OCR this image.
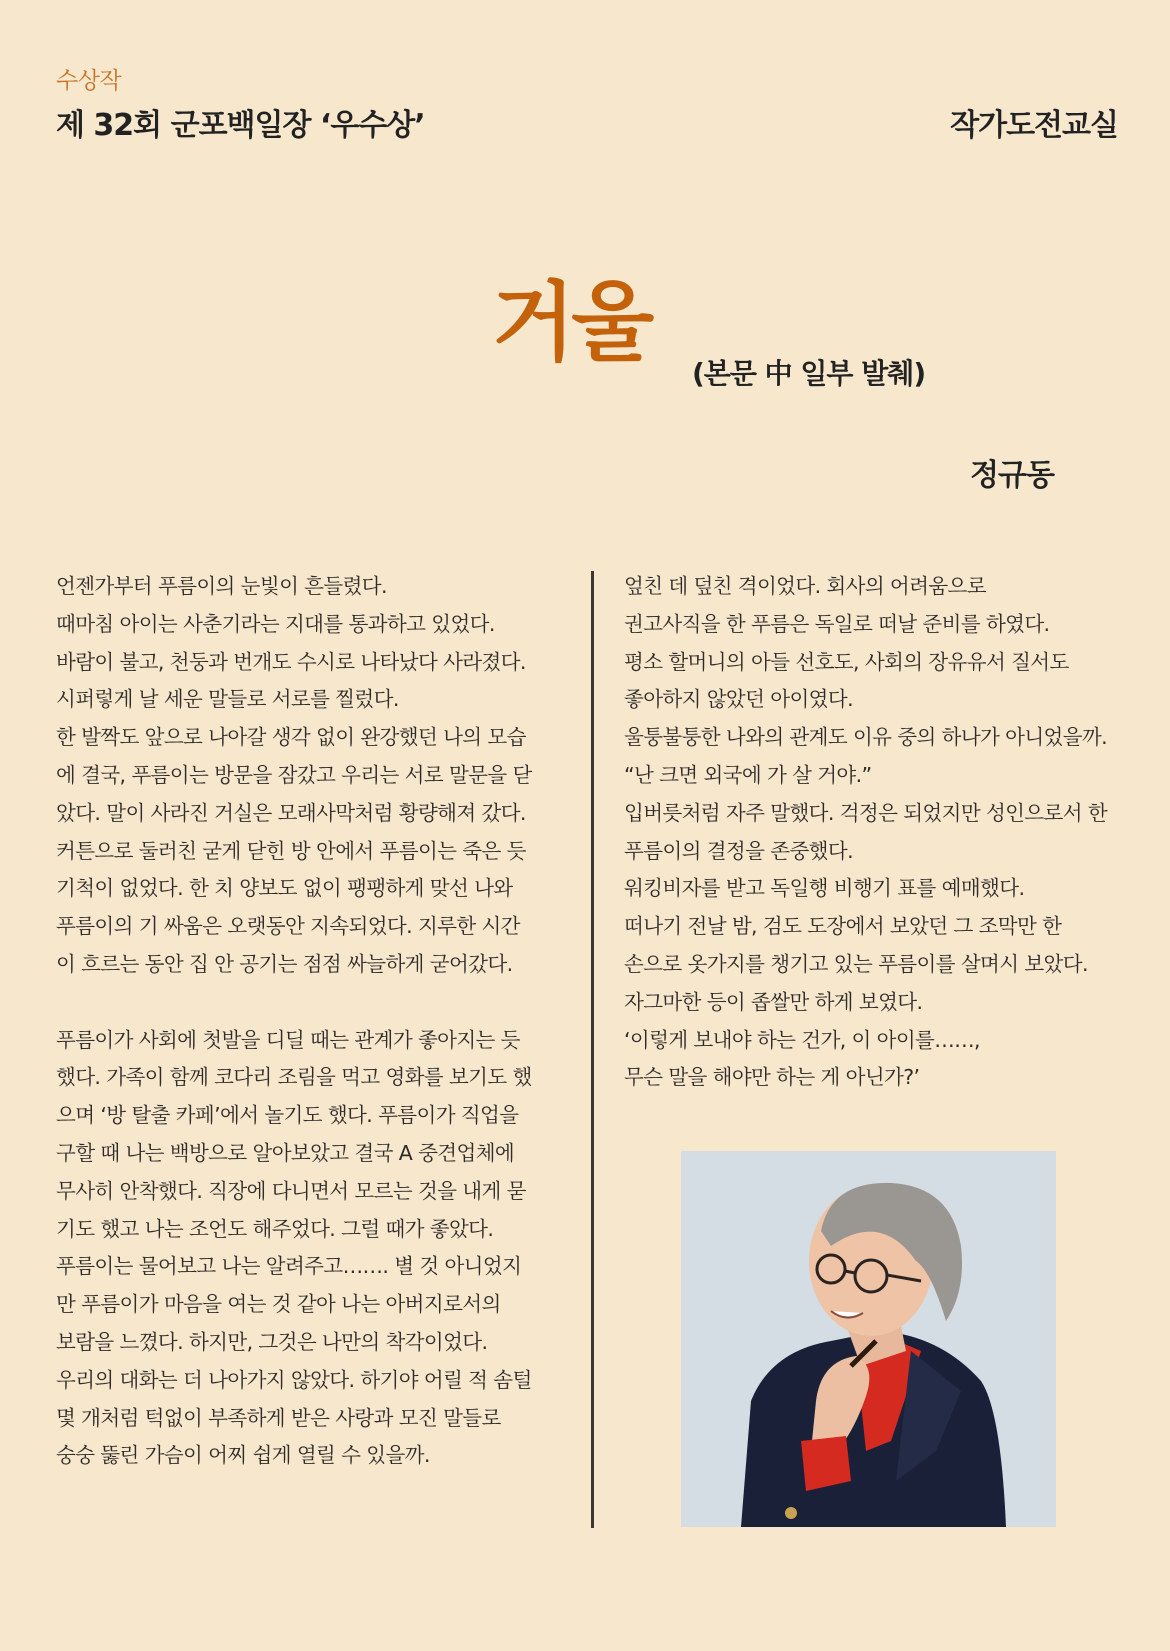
수상작
제 32회 군포백일장 ‘우수상’	작가도전교실
거울
(본문 中 일부 발췌)
정규동
언젠가부터 푸름이의 눈빛이 흔들렸다.
때마침 아이는 사춘기라는 지대를 통과하고 있었다.
바람이 불고, 천둥과 번개도 수시로 나타났다 사라졌다.
시퍼렇게 날 세운 말들로 서로를 찔렀다.
한 발짝도 앞으로 나아갈 생각 없이 완강했던 나의 모습
에 결국, 푸름이는 방문을 잠갔고 우리는 서로 말문을 닫
았다. 말이 사라진 거실은 모래사막처럼 황량해져 갔다.
커튼으로 둘러친 굳게 닫힌 방 안에서 푸름이는 죽은 듯
기척이 없었다. 한 치 양보도 없이 팽팽하게 맞선 나와
푸름이의 기 싸움은 오랫동안 지속되었다. 지루한 시간
이 흐르는 동안 집 안 공기는 점점 싸늘하게 굳어갔다.
푸름이가 사회에 첫발을 디딜 때는 관계가 좋아지는 듯
했다. 가족이 함께 코다리 조림을 먹고 영화를 보기도 했
으며 ‘방 탈출 카페’에서 놀기도 했다. 푸름이가 직업을
구할 때 나는 백방으로 알아보았고 결국 A 중견업체에
무사히 안착했다. 직장에 다니면서 모르는 것을 내게 묻
기도 했고 나는 조언도 해주었다. 그럴 때가 좋았다.
푸름이는 물어보고 나는 알려주고……. 별 것 아니었지
만 푸름이가 마음을 여는 것 같아 나는 아버지로서의
보람을 느꼈다. 하지만, 그것은 나만의 착각이었다.
우리의 대화는 더 나아가지 않았다. 하기야 어릴 적 솜털
몇 개처럼 턱없이 부족하게 받은 사랑과 모진 말들로
숭숭 뚫린 가슴이 어찌 쉽게 열릴 수 있을까.
엎친 데 덮친 격이었다. 회사의 어려움으로
권고사직을 한 푸름은 독일로 떠날 준비를 하였다.
평소 할머니의 아들 선호도, 사회의 장유유서 질서도
좋아하지 않았던 아이였다.
울퉁불퉁한 나와의 관계도 이유 중의 하나가 아니었을까.
“난 크면 외국에 가 살 거야.”
입버릇처럼 자주 말했다. 걱정은 되었지만 성인으로서 한
푸름이의 결정을 존중했다.
워킹비자를 받고 독일행 비행기 표를 예매했다.
떠나기 전날 밤, 검도 도장에서 보았던 그 조막만 한
손으로 옷가지를 챙기고 있는 푸름이를 살며시 보았다.
자그마한 등이 좁쌀만 하게 보였다.
‘이렇게 보내야 하는 건가, 이 아이를……,
무슨 말을 해야만 하는 게 아닌가?’
